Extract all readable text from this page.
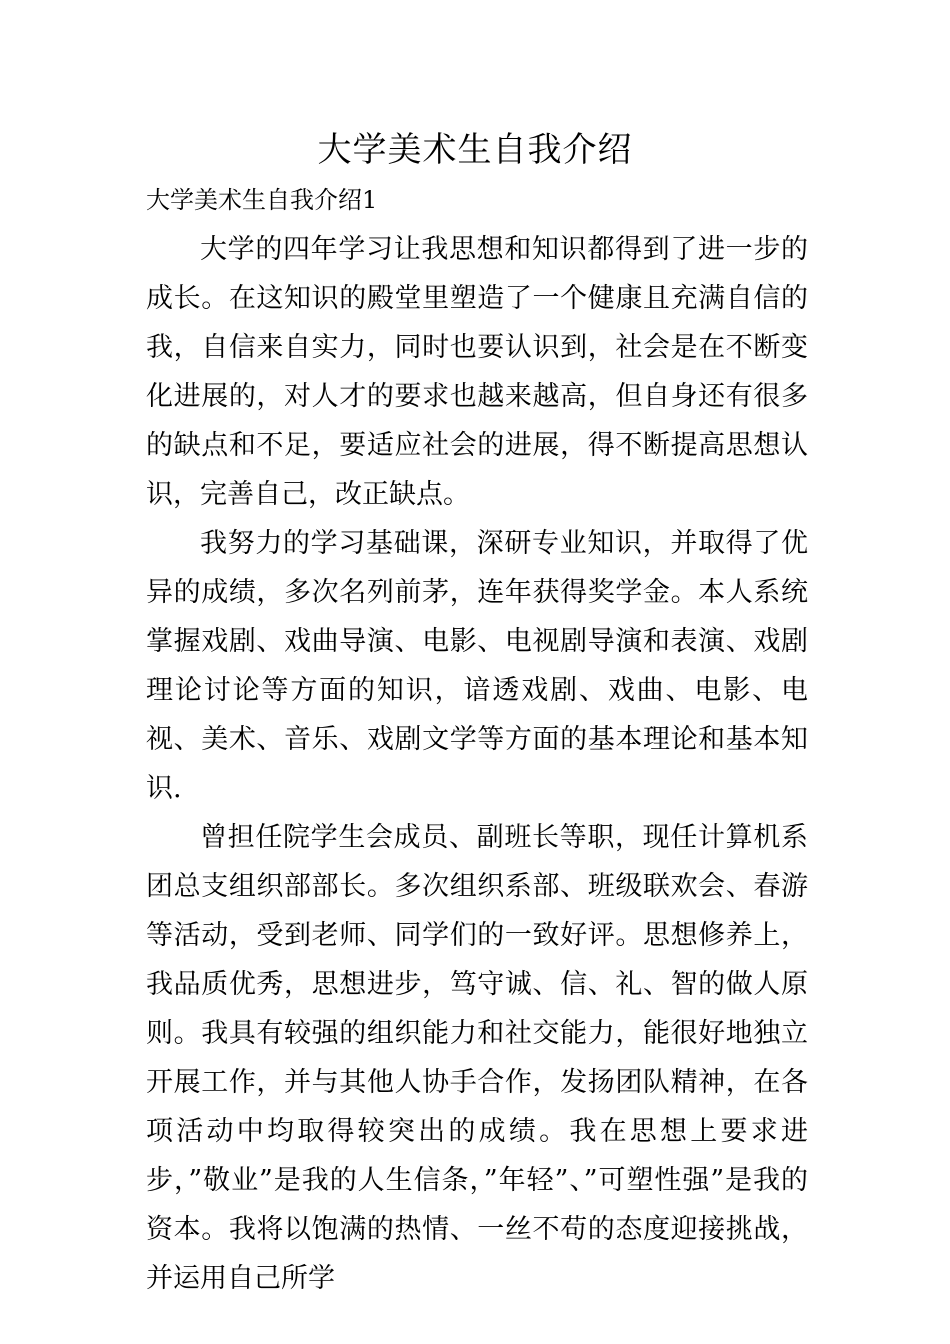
大学美术生自我介绍

大学美术生自我介绍1

大学的四年学习让我思想和知识都得到了进一步的成长。在这知识的殿堂里塑造了一个健康且充满自信的我，自信来自实力，同时也要认识到，社会是在不断变化进展的，对人才的要求也越来越高，但自身还有很多的缺点和不足，要适应社会的进展，得不断提高思想认识，完善自己，改正缺点。

我努力的学习基础课，深研专业知识，并取得了优异的成绩，多次名列前茅，连年获得奖学金。本人系统掌握戏剧、戏曲导演、电影、电视剧导演和表演、戏剧理论讨论等方面的知识，谙透戏剧、戏曲、电影、电视、美术、音乐、戏剧文学等方面的基本理论和基本知识.

曾担任院学生会成员、副班长等职，现任计算机系团总支组织部部长。多次组织系部、班级联欢会、春游等活动，受到老师、同学们的一致好评。思想修养上，我品质优秀，思想进步，笃守诚、信、礼、智的做人原则。我具有较强的组织能力和社交能力，能很好地独立开展工作，并与其他人协手合作，发扬团队精神，在各项活动中均取得较突出的成绩。我在思想上要求进步，”敬业”是我的人生信条，”年轻”、”可塑性强”是我的资本。我将以饱满的热情、一丝不苟的态度迎接挑战，并运用自己所学
